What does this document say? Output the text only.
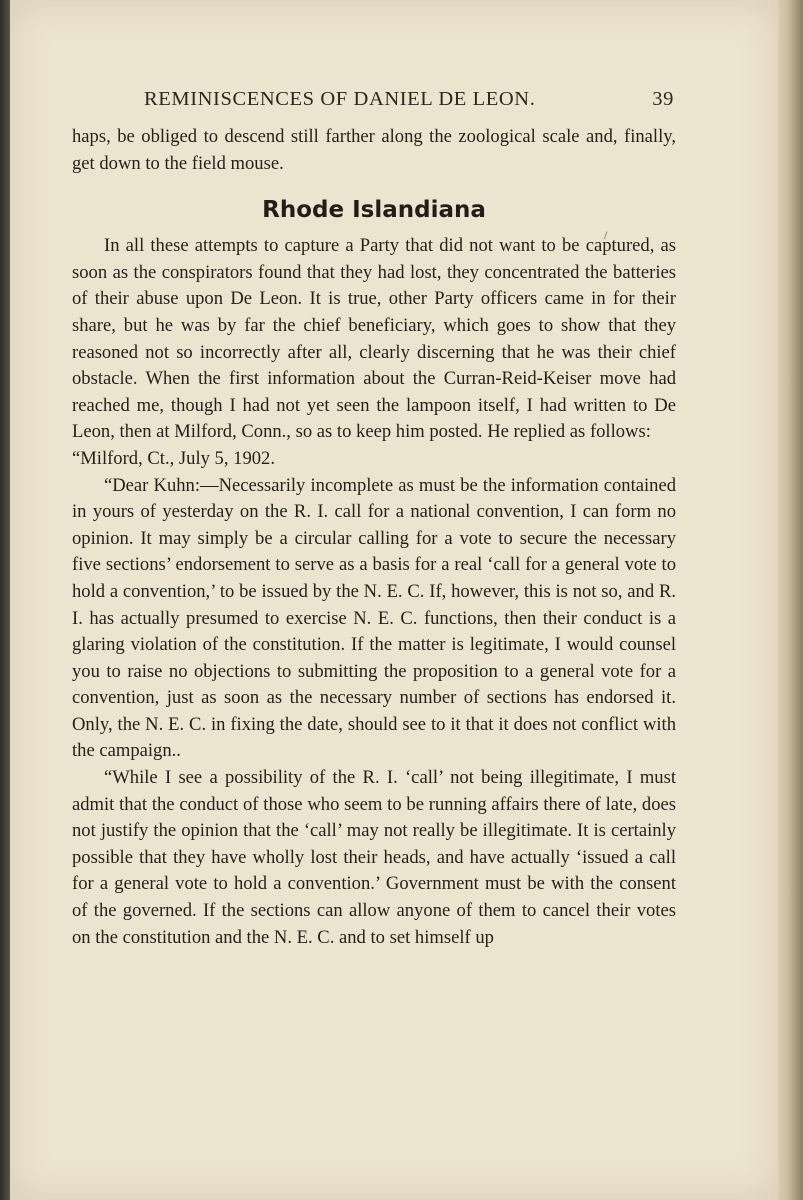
REMINISCENCES OF DANIEL DE LEON.	39

haps, be obliged to descend still farther along the zoological scale and, finally, get down to the field mouse.

Rhode Islandiana

In all these attempts to capture a Party that did not want to be captured, as soon as the conspirators found that they had lost, they concentrated the batteries of their abuse upon De Leon. It is true, other Party officers came in for their share, but he was by far the chief beneficiary, which goes to show that they reasoned not so incorrectly after all, clearly discerning that he was their chief obstacle. When the first information about the Curran-Reid-Keiser move had reached me, though I had not yet seen the lampoon itself, I had written to De Leon, then at Milford, Conn., so as to keep him posted. He replied as follows:

“Milford, Ct., July 5, 1902.

“Dear Kuhn:—Necessarily incomplete as must be the information contained in yours of yesterday on the R. I. call for a national convention, I can form no opinion. It may simply be a circular calling for a vote to secure the necessary five sections’ endorsement to serve as a basis for a real ‘call for a general vote to hold a convention,’ to be issued by the N. E. C. If, however, this is not so, and R. I. has actually presumed to exercise N. E. C. functions, then their conduct is a glaring violation of the constitution. If the matter is legitimate, I would counsel you to raise no objections to submitting the proposition to a general vote for a convention, just as soon as the necessary number of sections has endorsed it. Only, the N. E. C. in fixing the date, should see to it that it does not conflict with the campaign..

“While I see a possibility of the R. I. ‘call’ not being illegitimate, I must admit that the conduct of those who seem to be running affairs there of late, does not justify the opinion that the ‘call’ may not really be illegitimate. It is certainly possible that they have wholly lost their heads, and have actually ‘issued a call for a general vote to hold a convention.’ Government must be with the consent of the governed. If the sections can allow anyone of them to cancel their votes on the constitution and the N. E. C. and to set himself up
